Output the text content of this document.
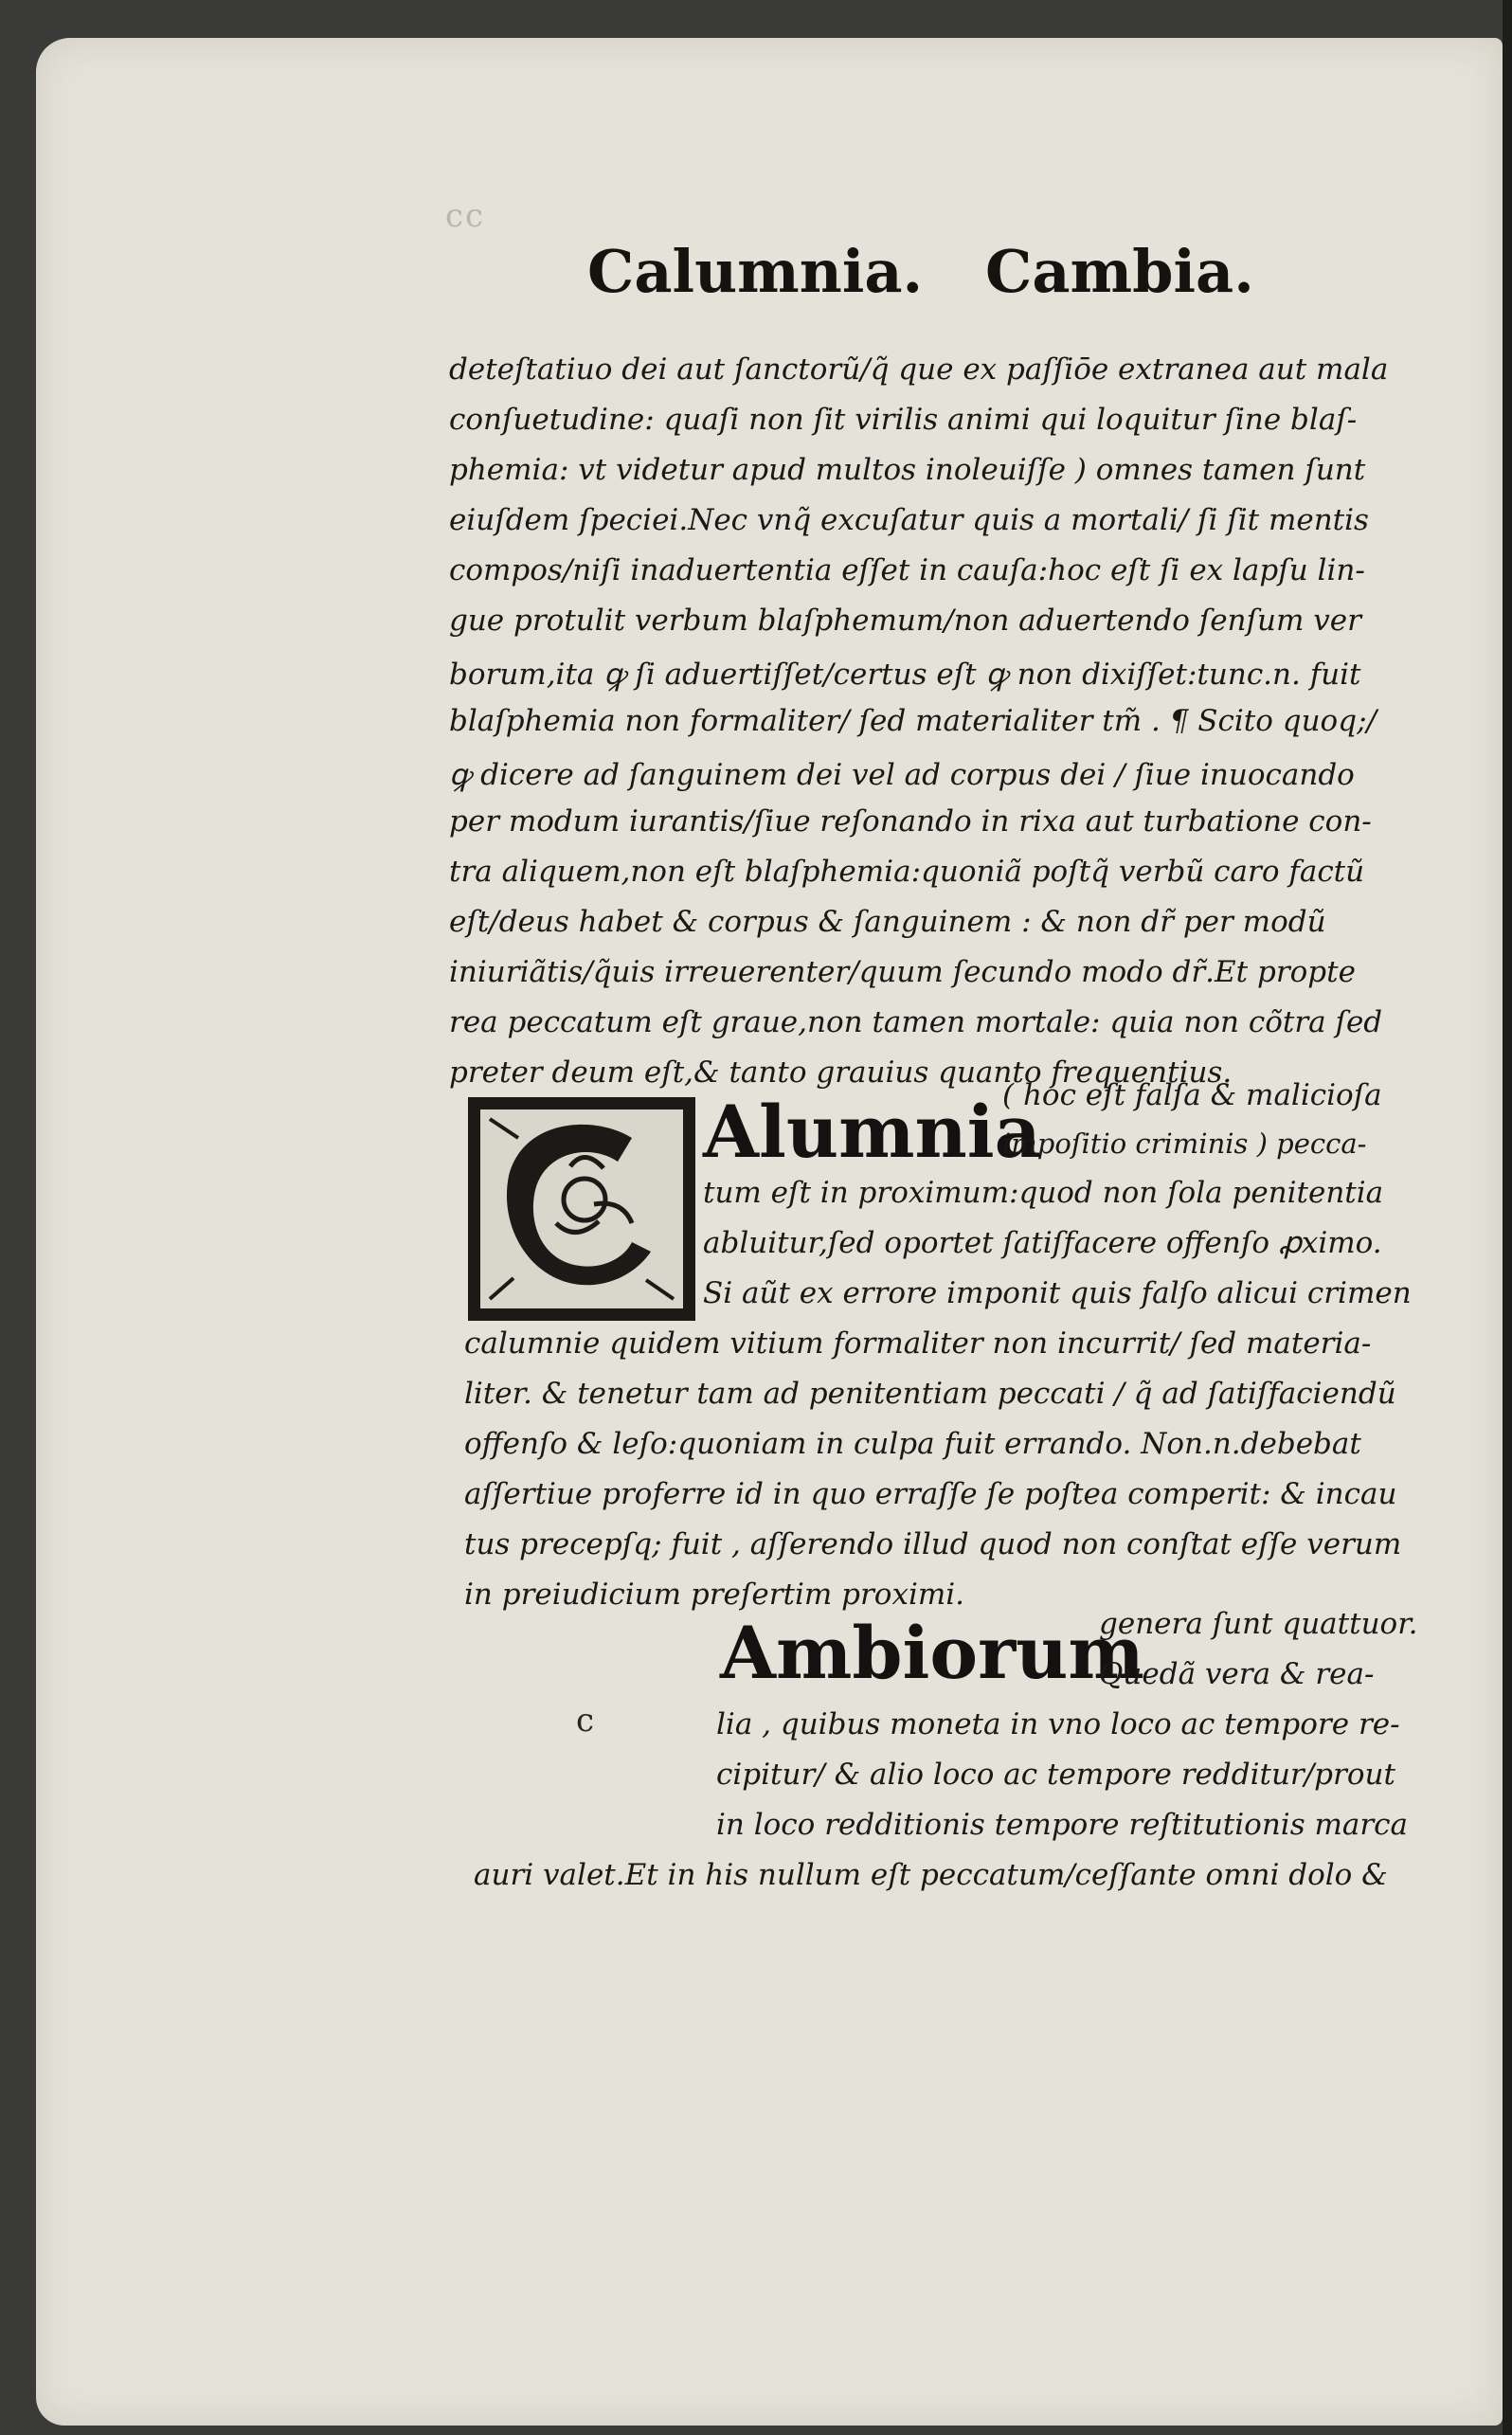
cc
Calumnia. Cambia.
deteſtatiuo dei aut ſanctorũ/q̃ que ex paſſiōe extranea aut mala
conſuetudine: quaſi non ſit virilis animi qui loquitur ſine blaſ-
phemia: vt videtur apud multos inoleuiſſe ) omnes tamen ſunt
eiuſdem ſpeciei.Nec vnq̃ excuſatur quis a mortali/ ſi ſit mentis
compos/niſi inaduertentia eſſet in cauſa:hoc eſt ſi ex lapſu lin-
gue protulit verbum blaſphemum/non aduertendo ſenſum ver
borum,ita ꝙ ſi aduertiſſet/certus eſt ꝙ non dixiſſet:tunc.n. fuit
blaſphemia non formaliter/ ſed materialiter tm̃ . ¶ Scito quoq;/
ꝙ dicere ad ſanguinem dei vel ad corpus dei / ſiue inuocando
per modum iurantis/ſiue reſonando in rixa aut turbatione con-
tra aliquem,non eſt blaſphemia:quoniã poſtq̃ verbũ caro factũ
eſt/deus habet & corpus & ſanguinem : & non dr̃ per modũ
iniuriãtis/q̃uis irreuerenter/quum ſecundo modo dr̃.Et propte
rea peccatum eſt graue,non tamen mortale: quia non cõtra ſed
preter deum eſt,& tanto grauius quanto frequentius.
Alumnia
( hoc eſt falſa & malicioſa
impoſitio criminis ) pecca-
tum eſt in proximum:quod non ſola penitentia
abluitur,ſed oportet ſatiſfacere offenſo ꝓximo.
Si aũt ex errore imponit quis falſo alicui crimen
calumnie quidem vitium formaliter non incurrit/ ſed materia-
liter. & tenetur tam ad penitentiam peccati / q̃ ad ſatiſfaciendũ
offenſo & leſo:quoniam in culpa fuit errando. Non.n.debebat
aſſertiue proferre id in quo erraſſe ſe poſtea comperit: & incau
tus precepſq; fuit , aſſerendo illud quod non conſtat eſſe verum
in preiudicium preſertim proximi.
Ambiorum
genera ſunt quattuor.
Quedã vera & rea-
c	lia , quibus moneta in vno loco ac tempore re-
cipitur/ & alio loco ac tempore redditur/prout
in loco redditionis tempore reſtitutionis marca
auri valet.Et in his nullum eſt peccatum/ceſſante omni dolo &
